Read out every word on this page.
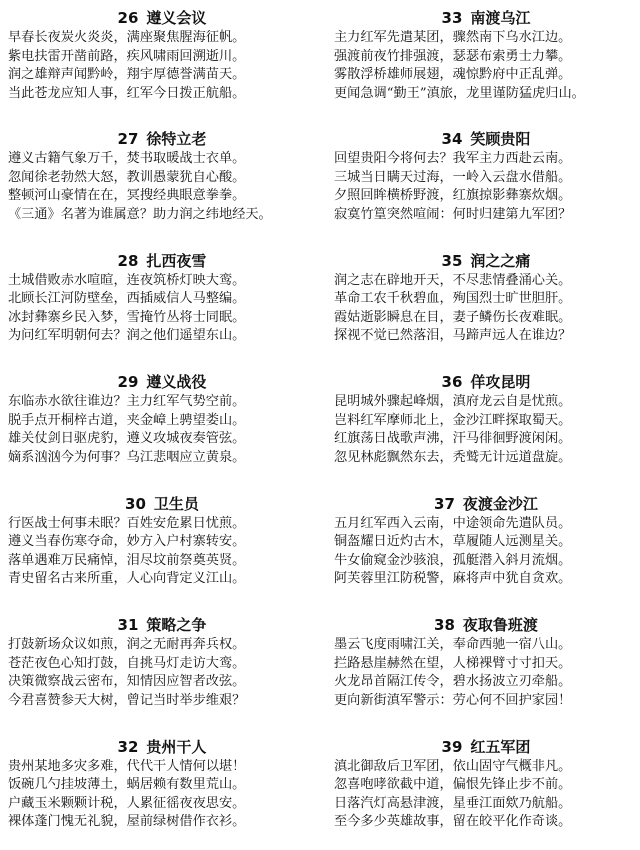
26 遵义会议
早春长夜炭火炎炎，满座聚焦腥海征帆。
紫电扶雷开凿前路，疾风啸雨回溯逝川。
润之雄辩声闻黔岭，翔宇厚德誉满苗天。
当此苍龙应知人事，红军今日拨正航船。
33 南渡乌江
主力红军先遣某团，骤然南下乌水江边。
强渡前夜竹排强渡，瑟瑟布索勇士力攀。
雾散浮桥雄师展翅，魂惊黔府中正乱弹。
更闻急调“勤王”滇旅，龙里谨防猛虎归山。
27 徐特立老
遵义古籍气象万千，焚书取暖战士衣单。
忽闻徐老勃然大怒，教训愚蒙犹自心酸。
整顿河山豪情在在，冥搜经典眼意拳拳。
《三通》名著为谁属意？助力润之纬地经天。
34 笑顾贵阳
回望贵阳今将何去？我军主力西赴云南。
三城当日瞒天过海，一岭入云盘水借船。
夕照回眸横桥野渡，红旗掠影彝寨炊烟。
寂寞竹篁突然喧闹：何时归建第九军团？
28 扎西夜雪
土城借败赤水喧暄，连夜筑桥灯映大鸾。
北顾长江河防壁垒，西插威信人马整编。
冰封彝寨乡民入梦，雪掩竹丛将士同眠。
为问红军明朝何去？润之他们遥望东山。
35 润之之痛
润之志在辟地开天，不尽悲情叠涌心关。
革命工农千秋碧血，殉国烈士旷世胆肝。
霞姑逝影瞬息在目，妻子鳞伤长夜难眠。
探视不觉已然落泪，马蹄声远人在谁边？
29 遵义战役
东临赤水欲往谁边？主力红军气势空前。
脱手点开桐梓古道，夹金嶂上骋望娄山。
雄关仗剑日驱虎豹，遵义攻城夜奏管弦。
嫡系汹汹今为何事？乌江悲咽应立黄泉。
36 佯攻昆明
昆明城外骤起峰烟，滇府龙云自是忧煎。
岂料红军摩师北上，金沙江畔探取蜀天。
红旗荡日战歌声沸，汗马徘徊野渡闲闲。
忽见林彪飘然东去，秃鹫无计远道盘旋。
30 卫生员
行医战士何事未眠？百姓安危累日忧煎。
遵义当春伤寒夺命，妙方入户村寨转安。
落单遇难万民痛悼，泪尽坟前祭奠英贤。
青史留名古来所重，人心向背定义江山。
37 夜渡金沙江
五月红军西入云南，中途领命先遣队员。
铜盔耀日近灼古木，草履随人远测星关。
牛女偷窥金沙骇浪，孤艇潜入斜月流烟。
阿芙蓉里江防税警，麻将声中犹自贪欢。
31 策略之争
打鼓新场众议如煎，润之无耐再奔兵权。
苍茫夜色心知打鼓，自挑马灯走访大鸾。
决策微察战云密布，知情因应智者改弦。
今君喜赞参天大树，曾记当时举步维艰？
38 夜取鲁班渡
墨云飞度雨啸江关，奉命西驰一宿八山。
拦路悬崖赫然在望，人梯裸臂寸寸扣天。
火龙昂首隔江传令，碧水扬波立刃牵船。
更向新街滇军警示：劳心何不回护家园！
32 贵州干人
贵州某地多灾多难，代代干人情何以堪！
饭碗几勺挂坡薄土，蜗居赖有数里荒山。
户藏玉米颗颗计税，人累征徭夜夜思安。
裸体蓬门愧无礼貌，屋前绿树借作衣衫。
39 红五军团
滇北御敌后卫军团，依山固守气概非凡。
忽喜咆哮欲截中道，偏恨先锋止步不前。
日落汽灯高悬津渡，星垂江面欸乃航船。
至今多少英雄故事，留在皎平化作奇谈。
